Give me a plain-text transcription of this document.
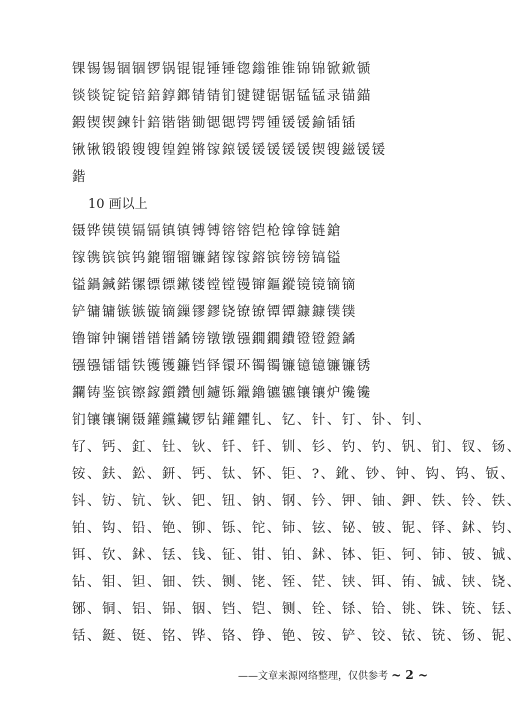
锞锡锡锢锢锣锅锟锟锤锤锪鎓锥锥锦锦锨鍁锧
锬锬锭锭锫錇錞鎯锖锖钔键键锯锯锰锰录锚錨
鍜锲锲鍊针錇锴锴锄锶锶锷锷锺锾锾鍮锸锸
锹锹锻锻锼锼锽鍠锵镓鎄锾锾锾锾锾锲锼鎡锾锾
鍇
10 画以上
镊铧镆镆镉镉镇镇镈镈镕镕铠枪镎镎链鎗
镓镌镔镔钨鎞镏镏镰鍺镓镓鎔镔镑镑镐镒
镒鍋鍼鍩镙镖镖鏉镂镗镗镘镩鏂鏦镜镜镝镝
铲镛镛镞镞镟镝鏁镠鏐铙镣镣镡镡鏮鏮镤镤
镥镩钟镧镨镨镨鐍镑镦镦镪鐗鐗鐨镫镫鐙鐍
镪镪镭镭铁镬镬鐮铛铎镮环镯镯镰镱镱镰镰锈
鑭铸鉴镔镲鎵鑕鑽刨鑢铄鑞鑥镳镳镶镶炉镵镵
钔镶镶镧镊鑵钂鑶锣钻鑵鑺钆、钇、针、钉、钋、钊、
钌、钙、釭、钍、钬、钎、钎、钏、钐、钓、钓、钒、钔、钗、钖、
铵、鈇、鈆、鈃、钙、钛、钚、钜、?、鈋、钞、钟、钩、钨、钣、
钭、钫、钪、钬、钯、钮、钠、钢、钤、钾、铀、鉀、铁、铃、铁、
铂、钩、铅、铯、铆、铄、铊、铈、铉、铋、铍、铌、铎、鉥、钧、
铒、钦、鉥、铥、钱、钲、钳、铂、鉥、钵、钜、钶、铈、铍、铖、
钻、钼、钽、钿、铁、铡、铑、铚、铓、铗、铒、铕、铖、铗、铙、
铘、铜、铝、铞、铟、铛、铠、铡、铨、铩、铪、铫、铢、铳、铥、
铦、鋌、铤、铭、铧、铬、铮、铯、铵、铲、铰、铱、铳、钖、铌、
——文章来源网络整理，仅供参考 ~ 2 ~
